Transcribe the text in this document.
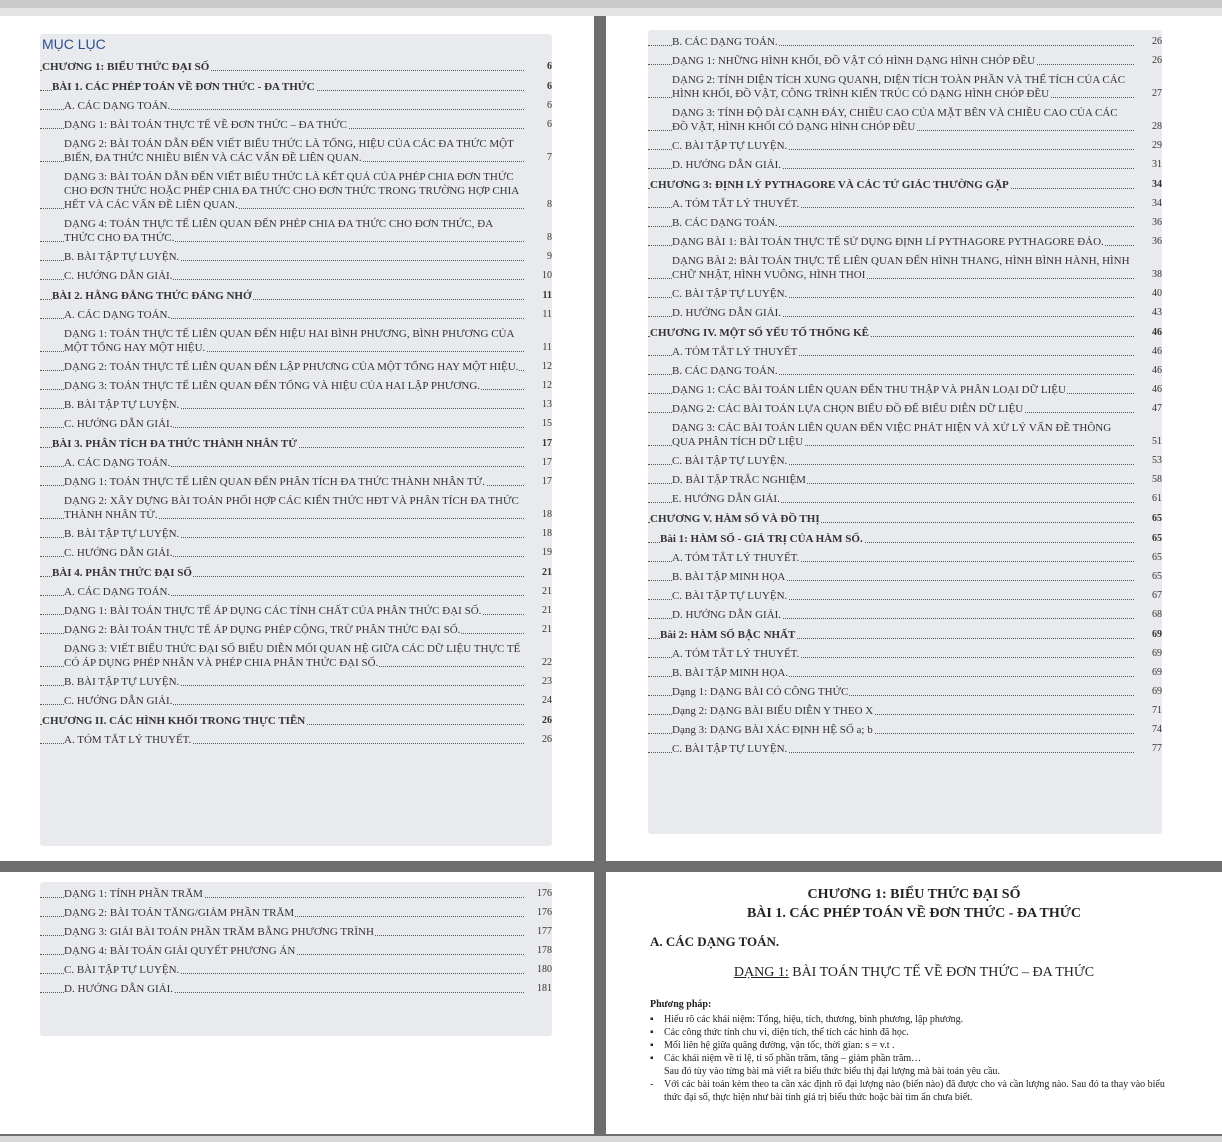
MỤC LỤC
CHƯƠNG 1: BIỂU THỨC ĐẠI SỐ	6
BÀI 1. CÁC PHÉP TOÁN VỀ ĐƠN THỨC - ĐA THỨC	6
A. CÁC DẠNG TOÁN.	6
DẠNG 1: BÀI TOÁN THỰC TẾ VỀ ĐƠN THỨC – ĐA THỨC	6
DẠNG 2: BÀI TOÁN DẪN ĐẾN VIẾT BIỂU THỨC LÀ TỔNG, HIỆU CỦA CÁC ĐA THỨC MỘT BIẾN, ĐA THỨC NHIỀU BIẾN VÀ CÁC VẤN ĐỀ LIÊN QUAN.	7
DẠNG 3: BÀI TOÁN DẪN ĐẾN VIẾT BIỂU THỨC LÀ KẾT QUẢ CỦA PHÉP CHIA ĐƠN THỨC CHO ĐƠN THỨC HOẶC PHÉP CHIA ĐA THỨC CHO ĐƠN THỨC TRONG TRƯỜNG HỢP CHIA HẾT VÀ CÁC VẤN ĐỀ LIÊN QUAN.	8
DẠNG 4: TOÁN THỰC TẾ LIÊN QUAN ĐẾN PHÉP CHIA ĐA THỨC CHO ĐƠN THỨC, ĐA THỨC CHO ĐA THỨC.	8
B. BÀI TẬP TỰ LUYỆN.	9
C. HƯỚNG DẪN GIẢI.	10
BÀI 2. HẰNG ĐẲNG THỨC ĐÁNG NHỚ	11
A. CÁC DẠNG TOÁN.	11
DẠNG 1: TOÁN THỰC TẾ LIÊN QUAN ĐẾN HIỆU HAI BÌNH PHƯƠNG, BÌNH PHƯƠNG CỦA MỘT TỔNG HAY MỘT HIỆU.	11
DẠNG 2: TOÁN THỰC TẾ LIÊN QUAN ĐẾN LẬP PHƯƠNG CỦA MỘT TỔNG HAY MỘT HIỆU.	12
DẠNG 3: TOÁN THỰC TẾ LIÊN QUAN ĐẾN TỔNG VÀ HIỆU CỦA HAI LẬP PHƯƠNG.	12
B. BÀI TẬP TỰ LUYỆN.	13
C. HƯỚNG DẪN GIẢI.	15
BÀI 3. PHÂN TÍCH ĐA THỨC THÀNH NHÂN TỬ	17
A. CÁC DẠNG TOÁN.	17
DẠNG 1: TOÁN THỰC TẾ LIÊN QUAN ĐẾN PHÂN TÍCH ĐA THỨC THÀNH NHÂN TỬ.	17
DẠNG 2: XÂY DỰNG BÀI TOÁN PHỐI HỢP CÁC KIẾN THỨC HĐT VÀ PHÂN TÍCH ĐA THỨC THÀNH NHÂN TỬ.	18
B. BÀI TẬP TỰ LUYỆN.	18
C. HƯỚNG DẪN GIẢI.	19
BÀI 4. PHÂN THỨC ĐẠI SỐ	21
A. CÁC DẠNG TOÁN.	21
DẠNG 1: BÀI TOÁN THỰC TẾ ÁP DỤNG CÁC TÍNH CHẤT CỦA PHÂN THỨC ĐẠI SỐ.	21
DẠNG 2: BÀI TOÁN THỰC TẾ ÁP DỤNG PHÉP CỘNG, TRỪ PHÂN THỨC ĐẠI SỐ.	21
DẠNG 3: VIẾT BIỂU THỨC ĐẠI SỐ BIỂU DIỄN MỐI QUAN HỆ GIỮA CÁC DỮ LIỆU THỰC TẾ CÓ ÁP DỤNG PHÉP NHÂN VÀ PHÉP CHIA PHÂN THỨC ĐẠI SỐ.	22
B. BÀI TẬP TỰ LUYỆN.	23
C. HƯỚNG DẪN GIẢI.	24
CHƯƠNG II. CÁC HÌNH KHỐI TRONG THỰC TIỄN	26
A. TÓM TẮT LÝ THUYẾT.	26
B. CÁC DẠNG TOÁN.	26
DẠNG 1: NHỮNG HÌNH KHỐI, ĐỒ VẬT CÓ HÌNH DẠNG HÌNH CHÓP ĐỀU	26
DẠNG 2: TÍNH DIỆN TÍCH XUNG QUANH, DIỆN TÍCH TOÀN PHẦN VÀ THỂ TÍCH CỦA CÁC HÌNH KHỐI, ĐỒ VẬT, CÔNG TRÌNH KIẾN TRÚC CÓ DẠNG HÌNH CHÓP ĐỀU	27
DẠNG 3: TÍNH ĐỘ DÀI CẠNH ĐÁY, CHIỀU CAO CỦA MẶT BÊN VÀ CHIỀU CAO CỦA CÁC ĐỒ VẬT, HÌNH KHỐI CÓ DẠNG HÌNH CHÓP ĐỀU	28
C. BÀI TẬP TỰ LUYỆN.	29
D. HƯỚNG DẪN GIẢI.	31
CHƯƠNG 3: ĐỊNH LÝ PYTHAGORE VÀ CÁC TỨ GIÁC THƯỜNG GẶP	34
A. TÓM TẮT LÝ THUYẾT.	34
B. CÁC DẠNG TOÁN.	36
DẠNG BÀI 1: BÀI TOÁN THỰC TẾ SỬ DỤNG ĐỊNH LÍ PYTHAGORE PYTHAGORE ĐẢO.	36
DẠNG BÀI 2: BÀI TOÁN THỰC TẾ LIÊN QUAN ĐẾN HÌNH THANG, HÌNH BÌNH HÀNH, HÌNH CHỮ NHẬT, HÌNH VUÔNG, HÌNH THOI	38
C. BÀI TẬP TỰ LUYỆN.	40
D. HƯỚNG DẪN GIẢI.	43
CHƯƠNG IV. MỘT SỐ YẾU TỐ THỐNG KÊ	46
A. TÓM TẮT LÝ THUYẾT	46
B. CÁC DẠNG TOÁN.	46
DẠNG 1: CÁC BÀI TOÁN LIÊN QUAN ĐẾN THU THẬP VÀ PHÂN LOẠI DỮ LIỆU	46
DẠNG 2: CÁC BÀI TOÁN LỰA CHỌN BIỂU ĐỒ ĐỂ BIỂU DIỄN DỮ LIỆU	47
DẠNG 3: CÁC BÀI TOÁN LIÊN QUAN ĐẾN VIỆC PHÁT HIỆN VÀ XỬ LÝ VẤN ĐỀ THÔNG QUA PHÂN TÍCH DỮ LIỆU	51
C. BÀI TẬP TỰ LUYỆN.	53
D. BÀI TẬP TRẮC NGHIỆM	58
E. HƯỚNG DẪN GIẢI.	61
CHƯƠNG V. HÀM SỐ VÀ ĐỒ THỊ	65
Bài 1: HÀM SỐ - GIÁ TRỊ CỦA HÀM SỐ.	65
A. TÓM TẮT LÝ THUYẾT.	65
B. BÀI TẬP MINH HỌA	65
C. BÀI TẬP TỰ LUYỆN.	67
D. HƯỚNG DẪN GIẢI.	68
Bài 2: HÀM SỐ BẬC NHẤT	69
A. TÓM TẮT LÝ THUYẾT.	69
B. BÀI TẬP MINH HỌA.	69
Dạng 1: DẠNG BÀI CÓ CÔNG THỨC	69
Dạng 2: DẠNG BÀI BIỂU DIỄN Y THEO X	71
Dạng 3: DẠNG BÀI XÁC ĐỊNH HỆ SỐ a; b	74
C. BÀI TẬP TỰ LUYỆN.	77
DẠNG 1: TÍNH PHẦN TRĂM	176
DẠNG 2: BÀI TOÁN TĂNG/GIẢM PHẦN TRĂM	176
DẠNG 3: GIẢI BÀI TOÁN PHẦN TRĂM BẰNG PHƯƠNG TRÌNH	177
DẠNG 4: BÀI TOÁN GIẢI QUYẾT PHƯƠNG ÁN	178
C. BÀI TẬP TỰ LUYỆN.	180
D. HƯỚNG DẪN GIẢI.	181
CHƯƠNG 1: BIỂU THỨC ĐẠI SỐ
BÀI 1. CÁC PHÉP TOÁN VỀ ĐƠN THỨC - ĐA THỨC
A. CÁC DẠNG TOÁN.
DẠNG 1: BÀI TOÁN THỰC TẾ VỀ ĐƠN THỨC – ĐA THỨC
Phương pháp:
▪ Hiểu rõ các khái niệm: Tổng, hiệu, tích, thương, bình phương, lập phương.
▪ Các công thức tính chu vi, diện tích, thể tích các hình đã học.
▪ Mối liên hệ giữa quãng đường, vận tốc, thời gian: s = v.t .
▪ Các khái niệm về tỉ lệ, tỉ số phần trăm, tăng – giảm phần trăm…
Sau đó tùy vào từng bài mà viết ra biểu thức biểu thị đại lượng mà bài toán yêu cầu.
- Với các bài toán kèm theo ta cần xác định rõ đại lượng nào (biến nào) đã được cho và cần lượng nào. Sau đó ta thay vào biểu thức đại số, thực hiện như bài tính giá trị biểu thức hoặc bài tìm ẩn chưa biết.
